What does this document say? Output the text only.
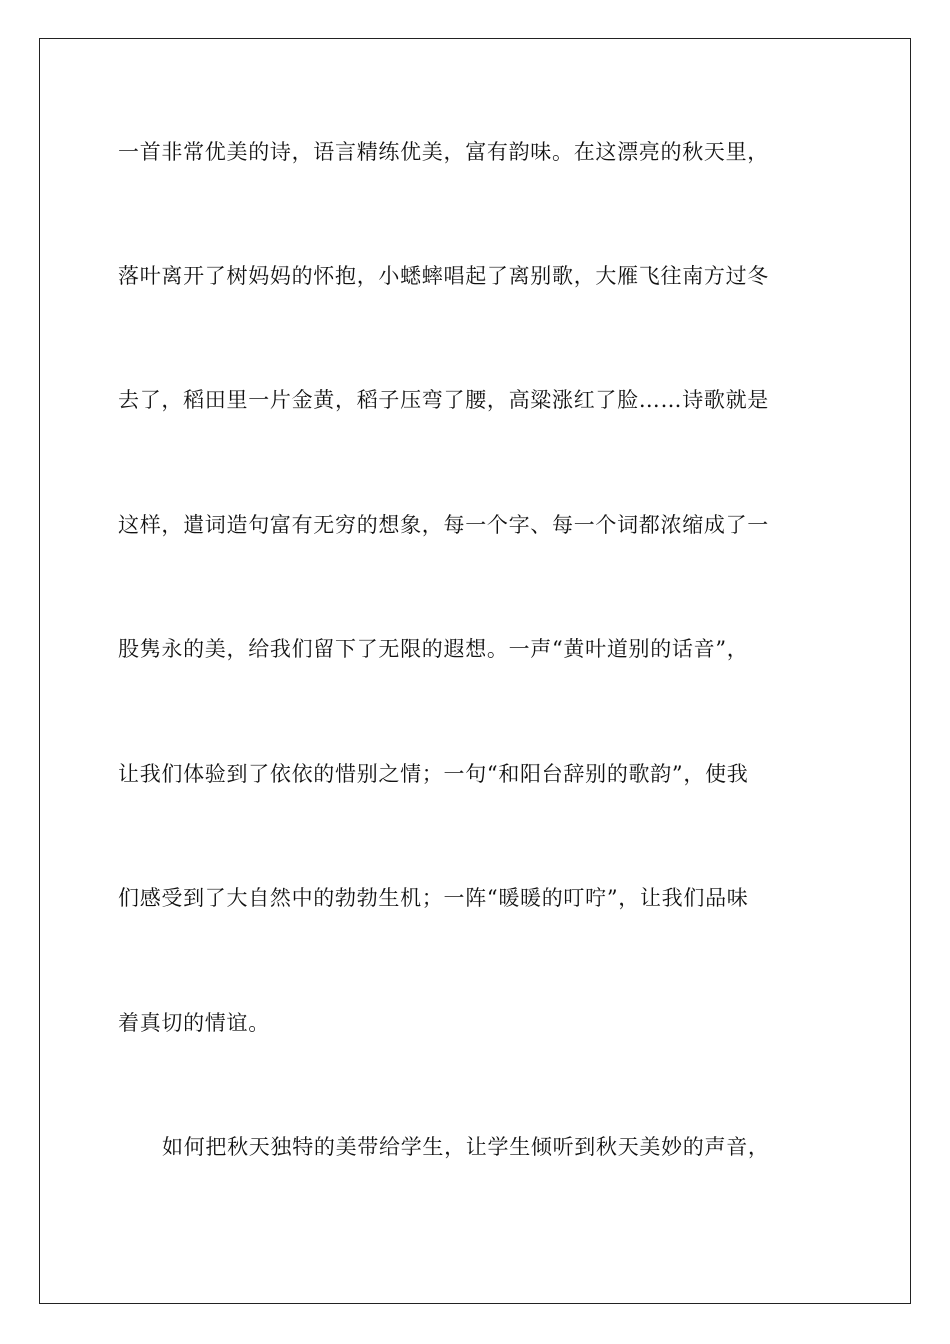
一首非常优美的诗，语言精练优美，富有韵味。在这漂亮的秋天里，
落叶离开了树妈妈的怀抱，小蟋蟀唱起了离别歌，大雁飞往南方过冬
去了，稻田里一片金黄，稻子压弯了腰，高粱涨红了脸……诗歌就是
这样，遣词造句富有无穷的想象，每一个字、每一个词都浓缩成了一
股隽永的美，给我们留下了无限的遐想。一声“黄叶道别的话音”，
让我们体验到了依依的惜别之情；一句“和阳台辞别的歌韵”，使我
们感受到了大自然中的勃勃生机；一阵“暖暖的叮咛”，让我们品味
着真切的情谊。
如何把秋天独特的美带给学生，让学生倾听到秋天美妙的声音，
